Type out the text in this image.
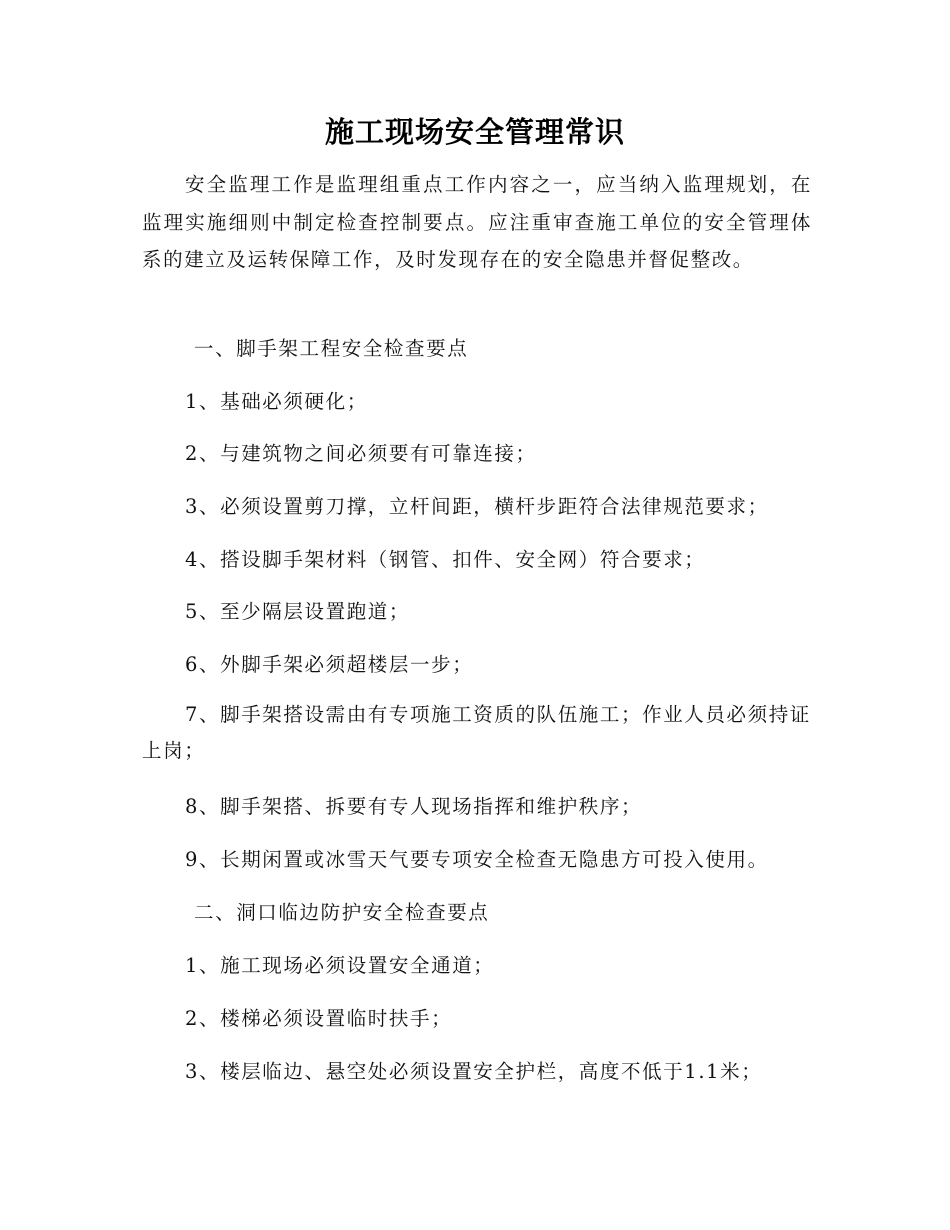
施工现场安全管理常识

安全监理工作是监理组重点工作内容之一，应当纳入监理规划，在监理实施细则中制定检查控制要点。应注重审查施工单位的安全管理体系的建立及运转保障工作，及时发现存在的安全隐患并督促整改。

一、脚手架工程安全检查要点

1、基础必须硬化；

2、与建筑物之间必须要有可靠连接；

3、必须设置剪刀撑，立杆间距，横杆步距符合法律规范要求；

4、搭设脚手架材料（钢管、扣件、安全网）符合要求；

5、至少隔层设置跑道；

6、外脚手架必须超楼层一步；

7、脚手架搭设需由有专项施工资质的队伍施工；作业人员必须持证上岗；

8、脚手架搭、拆要有专人现场指挥和维护秩序；

9、长期闲置或冰雪天气要专项安全检查无隐患方可投入使用。

二、洞口临边防护安全检查要点

1、施工现场必须设置安全通道；

2、楼梯必须设置临时扶手；

3、楼层临边、悬空处必须设置安全护栏，高度不低于1.1米；
